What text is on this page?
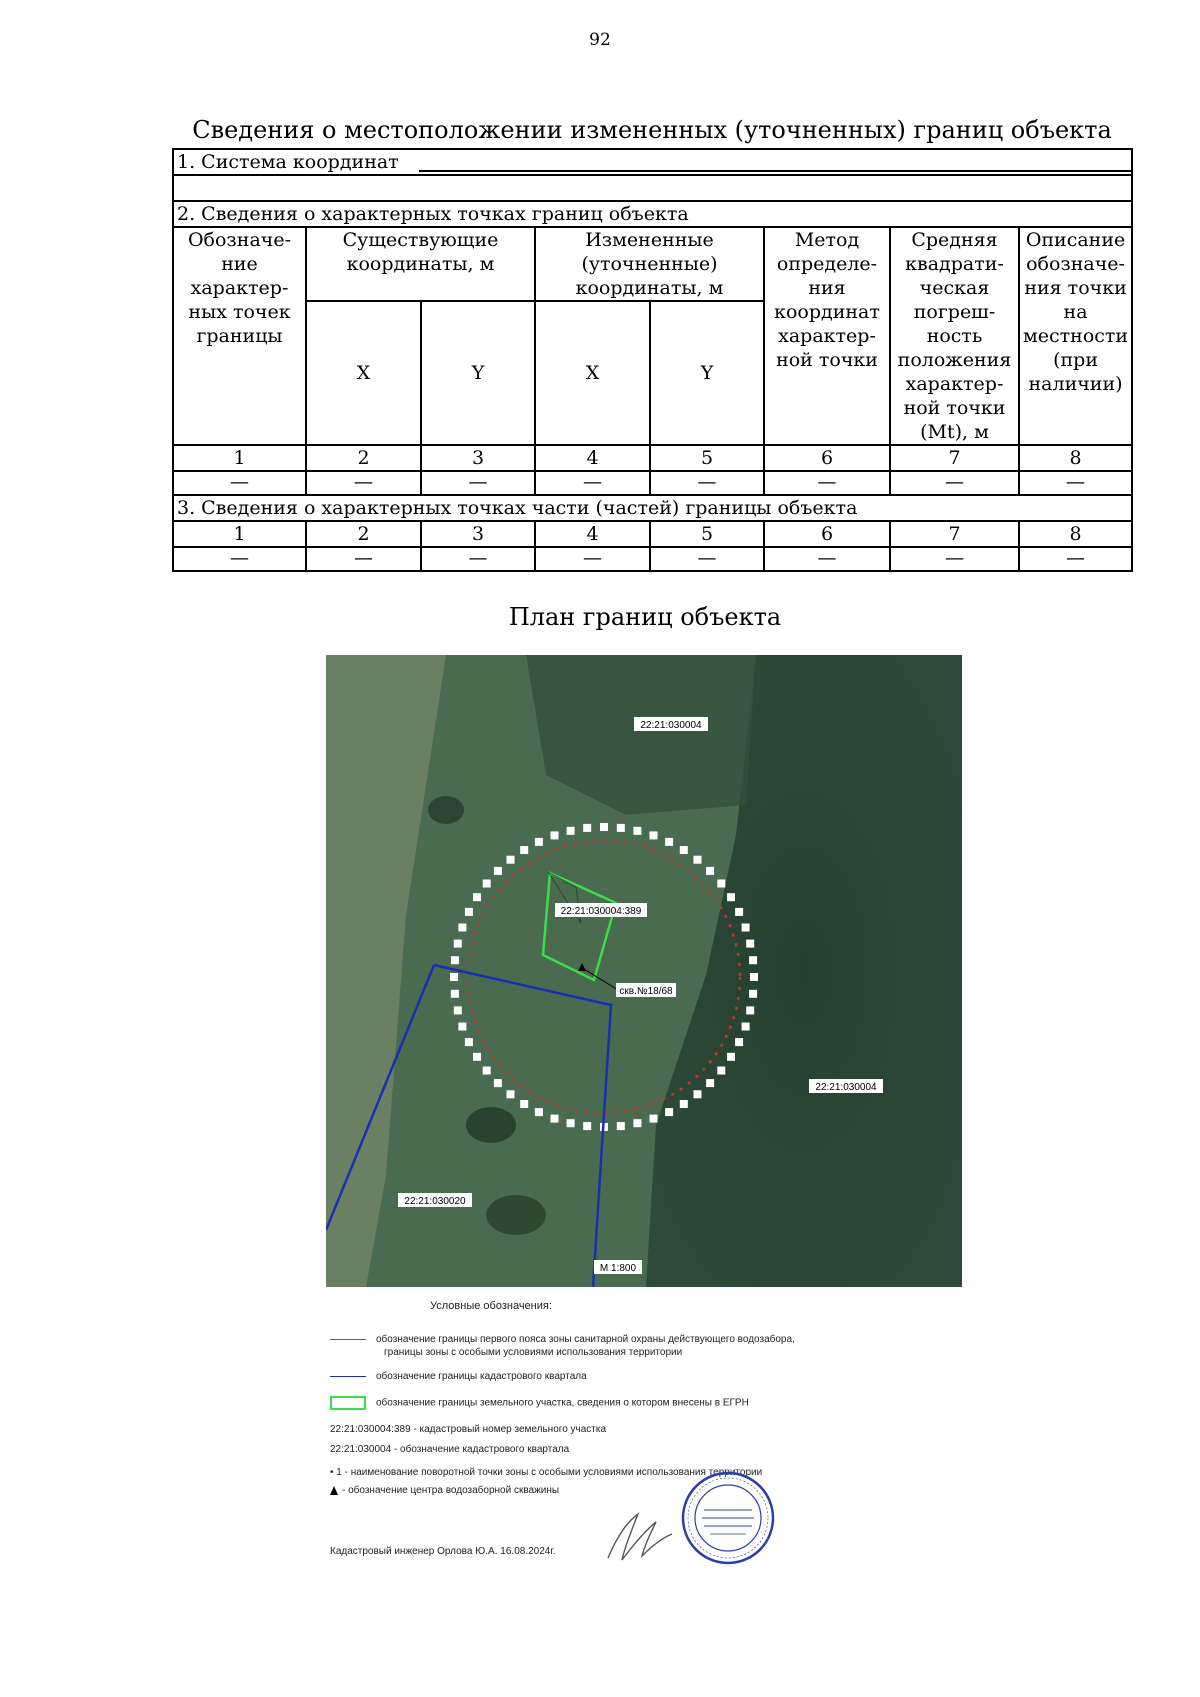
92
Сведения о местоположении измененных (уточненных) границ объекта
1. Система координат							

2. Сведения о характерных точках границ объекта							
Обозначе-ние характер-ных точек границы	Существующие координаты, м		Измененные (уточненные) координаты, м		Метод определе-ния координат характер-ной точки	Средняя квадрати-ческая погреш-ность положения характер-ной точки (Mt), м	Описание обозначе-ния точки на местности (при наличии)
	X	Y	X	Y			
1	2	3	4	5	6	7	8
—	—	—	—	—	—	—	—
3. Сведения о характерных точках части (частей) границы объекта							
1	2	3	4	5	6	7	8
—	—	—	—	—	—	—	—
План границ объекта
22:21:030004
22:21:030004:389
скв.№18/68
22:21:030004
22:21:030020
М 1:800
Условные обозначения:
обозначение границы первого пояса зоны санитарной охраны действующего водозабора,
границы зоны с особыми условиями использования территории
обозначение границы кадастрового квартала
обозначение границы земельного участка, сведения о котором внесены в ЕГРН
22:21:030004:389 - кадастровый номер земельного участка
22:21:030004 - обозначение кадастрового квартала
• 1 - наименование поворотной точки зоны с особыми условиями использования территории
- обозначение центра водозаборной скважины
Кадастровый инженер Орлова Ю.А. 16.08.2024г.
